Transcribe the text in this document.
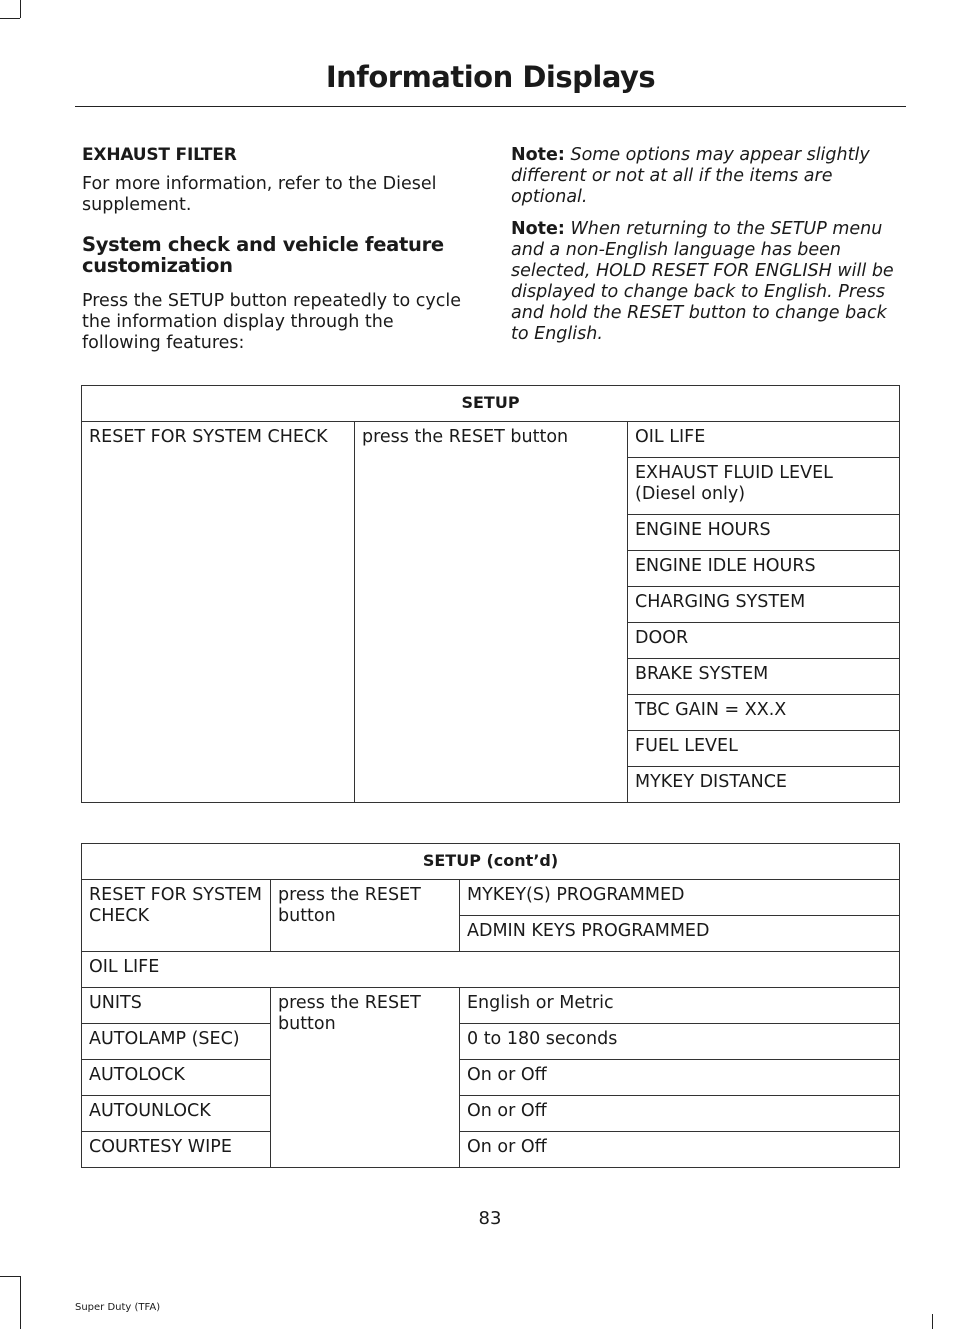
Information Displays
EXHAUST FILTER

For more information, refer to the Diesel supplement.

System check and vehicle feature customization

Press the SETUP button repeatedly to cycle the information display through the following features:

Note: Some options may appear slightly different or not at all if the items are optional.
Note: When returning to the SETUP menu and a non-English language has been selected, HOLD RESET FOR ENGLISH will be displayed to change back to English. Press and hold the RESET button to change back to English.
SETUP
RESET FOR SYSTEM CHECK	press the RESET button	OIL LIFE
EXHAUST FLUID LEVEL (Diesel only)
ENGINE HOURS
ENGINE IDLE HOURS
CHARGING SYSTEM
DOOR
BRAKE SYSTEM
TBC GAIN = XX.X
FUEL LEVEL
MYKEY DISTANCE
SETUP (cont’d)		
RESET FOR SYSTEM CHECK	press the RESET button	MYKEY(S) PROGRAMMED
		ADMIN KEYS PROGRAMMED
OIL LIFE		
UNITS	press the RESET button	English or Metric
AUTOLAMP (SEC)		0 to 180 seconds
AUTOLOCK		On or Off
AUTOUNLOCK		On or Off
COURTESY WIPE		On or Off
83
Super Duty (TFA)
